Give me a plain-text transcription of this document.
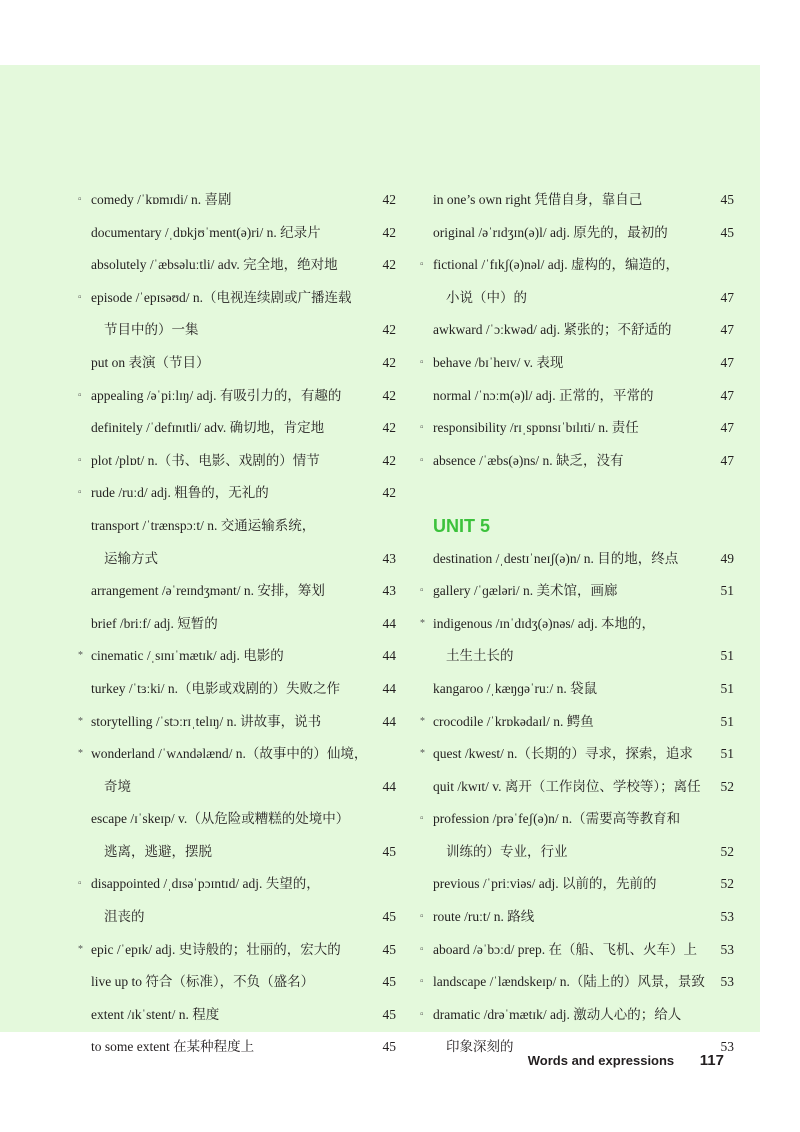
▫ comedy /ˈkɒmɪdi/ n. 喜剧	42
documentary /ˌdɒkjʊˈment(ə)ri/ n. 纪录片	42
absolutely /ˈæbsəluːtli/ adv. 完全地，绝对地	42
▫ episode /ˈepɪsəʊd/ n.（电视连续剧或广播连载
节目中的）一集	42
put on 表演（节目）	42
▫ appealing /əˈpiːlɪŋ/ adj. 有吸引力的，有趣的	42
definitely /ˈdefɪnɪtli/ adv. 确切地，肯定地	42
▫ plot /plɒt/ n.（书、电影、戏剧的）情节	42
▫ rude /ruːd/ adj. 粗鲁的，无礼的	42
transport /ˈtrænspɔːt/ n. 交通运输系统，
运输方式	43
arrangement /əˈreɪndʒmənt/ n. 安排，筹划	43
brief /briːf/ adj. 短暂的	44
* cinematic /ˌsɪnɪˈmætɪk/ adj. 电影的	44
turkey /ˈtɜːki/ n.（电影或戏剧的）失败之作	44
* storytelling /ˈstɔːrɪˌtelɪŋ/ n. 讲故事，说书	44
* wonderland /ˈwʌndəlænd/ n.（故事中的）仙境，
奇境	44
escape /ɪˈskeɪp/ v.（从危险或糟糕的处境中）
逃离，逃避，摆脱	45
▫ disappointed /ˌdɪsəˈpɔɪntɪd/ adj. 失望的，
沮丧的	45
* epic /ˈepɪk/ adj. 史诗般的；壮丽的，宏大的	45
live up to 符合（标准），不负（盛名）	45
extent /ɪkˈstent/ n. 程度	45
to some extent 在某种程度上	45
in one’s own right 凭借自身，靠自己	45
original /əˈrɪdʒɪn(ə)l/ adj. 原先的，最初的	45
▫ fictional /ˈfɪkʃ(ə)nəl/ adj. 虚构的，编造的，
小说（中）的	47
awkward /ˈɔːkwəd/ adj. 紧张的；不舒适的	47
▫ behave /bɪˈheɪv/ v. 表现	47
normal /ˈnɔːm(ə)l/ adj. 正常的，平常的	47
▫ responsibility /rɪˌspɒnsɪˈbɪlɪti/ n. 责任	47
▫ absence /ˈæbs(ə)ns/ n. 缺乏，没有	47
UNIT 5
destination /ˌdestɪˈneɪʃ(ə)n/ n. 目的地，终点	49
▫ gallery /ˈɡæləri/ n. 美术馆，画廊	51
* indigenous /ɪnˈdɪdʒ(ə)nəs/ adj. 本地的，
土生土长的	51
kangaroo /ˌkæŋɡəˈruː/ n. 袋鼠	51
* crocodile /ˈkrɒkədaɪl/ n. 鳄鱼	51
* quest /kwest/ n.（长期的）寻求，探索，追求 51
quit /kwɪt/ v. 离开（工作岗位、学校等）；离任 52
▫ profession /prəˈfeʃ(ə)n/ n.（需要高等教育和
训练的）专业，行业	52
previous /ˈpriːviəs/ adj. 以前的，先前的	52
▫ route /ruːt/ n. 路线	53
▫ aboard /əˈbɔːd/ prep. 在（船、飞机、火车）上 53
▫ landscape /ˈlændskeɪp/ n.（陆上的）风景，景致 53
▫ dramatic /drəˈmætɪk/ adj. 激动人心的；给人
印象深刻的	53
Words and expressions 117
